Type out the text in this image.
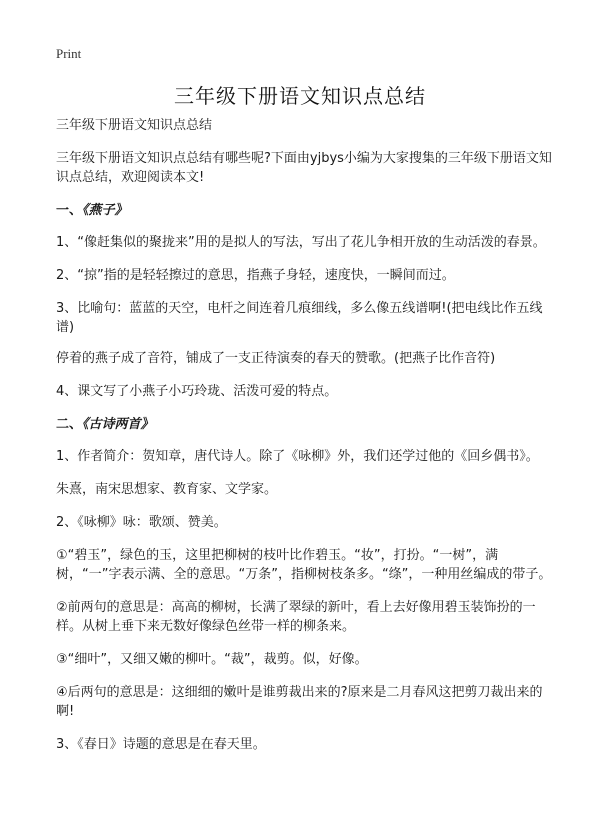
Print
三年级下册语文知识点总结

三年级下册语文知识点总结

三年级下册语文知识点总结有哪些呢?下面由yjbys小编为大家搜集的三年级下册语文知识点总结，欢迎阅读本文!

一、《燕子》

1、“像赶集似的聚拢来”用的是拟人的写法，写出了花儿争相开放的生动活泼的春景。

2、“掠”指的是轻轻擦过的意思，指燕子身轻，速度快，一瞬间而过。

3、比喻句：蓝蓝的天空，电杆之间连着几痕细线，多么像五线谱啊!(把电线比作五线谱)

停着的燕子成了音符，铺成了一支正待演奏的春天的赞歌。(把燕子比作音符)

4、课文写了小燕子小巧玲珑、活泼可爱的特点。

二、《古诗两首》

1、作者简介：贺知章，唐代诗人。除了《咏柳》外，我们还学过他的《回乡偶书》。

朱熹，南宋思想家、教育家、文学家。

2、《咏柳》咏：歌颂、赞美。

①“碧玉”，绿色的玉，这里把柳树的枝叶比作碧玉。“妆”，打扮。“一树”，满树，“一”字表示满、全的意思。“万条”，指柳树枝条多。“绦”，一种用丝编成的带子。

②前两句的意思是：高高的柳树，长满了翠绿的新叶，看上去好像用碧玉装饰扮的一样。从树上垂下来无数好像绿色丝带一样的柳条来。

③“细叶”，又细又嫩的柳叶。“裁”，裁剪。似，好像。

④后两句的意思是：这细细的嫩叶是谁剪裁出来的?原来是二月春风这把剪刀裁出来的啊!

3、《春日》诗题的意思是在春天里。
